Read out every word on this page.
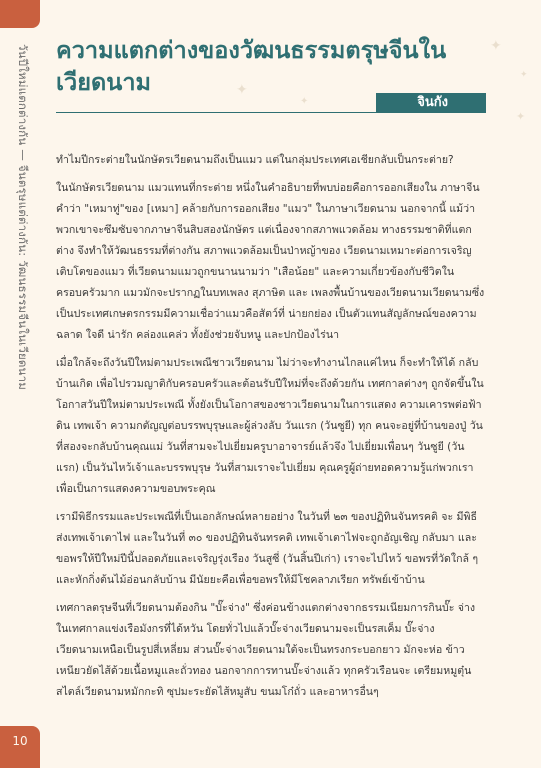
วันปีใหม่แตกต่างกัน — จีนตรุษแต่ต่างกัน: วัฒนธรรมจีนในเวียดนาม
10
✦
✦
✦
✦
✦
ความแตกต่างของวัฒนธรรมตรุษจีนในเวียดนาม
จินกัง

ทำไมปีกระต่ายในนักษัตรเวียดนามถึงเป็นแมว แต่ในกลุ่มประเทศเอเชียกลับเป็นกระต่าย?

ในนักษัตรเวียดนาม แมวแทนที่กระต่าย หนึ่งในคำอธิบายที่พบบ่อยคือการออกเสียงใน ภาษาจีนคำว่า "เหมาทู่"ของ [เหมา] คล้ายกับการออกเสียง "แมว" ในภาษาเวียดนาม นอกจากนี้ แม้ว่าพวกเขาจะซึมซับจากภาษาจีนสิบสองนักษัตร แต่เนื่องจากสภาพแวดล้อม ทางธรรมชาติที่แตกต่าง จึงทำให้วัฒนธรรมที่ต่างกัน สภาพแวดล้อมเป็นป่าหญ้าของ เวียดนามเหมาะต่อการเจริญเติบโตของแมว ที่เวียดนามแมวถูกขนานนามว่า "เสือน้อย" และความเกี่ยวข้องกับชีวิตในครอบครัวมาก แมวมักจะปรากฏในบทเพลง สุภาษิต และ เพลงพื้นบ้านของเวียดนามเวียดนามซึ่งเป็นประเทศเกษตรกรรมมีความเชื่อว่าแมวคือสัตว์ที่ น่ายกย่อง เป็นตัวแทนสัญลักษณ์ของความฉลาด ใจดี น่ารัก คล่องแคล่ว ทั้งยังช่วยจับหนู และปกป้องไร่นา

เมื่อใกล้จะถึงวันปีใหม่ตามประเพณีชาวเวียดนาม ไม่ว่าจะทำงานไกลแค่ไหน ก็จะทำให้ได้ กลับบ้านเกิด เพื่อไปรวมญาติกับครอบครัวและต้อนรับปีใหม่ที่จะถึงด้วยกัน เทศกาลต่างๆ ถูกจัดขึ้นในโอกาสวันปีใหม่ตามประเพณี ทั้งยังเป็นโอกาสของชาวเวียดนามในการแสดง ความเคารพต่อฟ้าดิน เทพเจ้า ความกตัญญูต่อบรรพบุรุษและผู้ล่วงลับ วันแรก (วันซูยี) ทุก คนจะอยู่ที่บ้านของปู่ วันที่สองจะกลับบ้านคุณแม่ วันที่สามจะไปเยี่ยมครูบาอาจารย์แล้วจึง ไปเยี่ยมเพื่อนๆ วันซูยี (วันแรก) เป็นวันไหว้เจ้าและบรรพบุรุษ วันที่สามเราจะไปเยี่ยม คุณครูผู้ถ่ายทอดความรู้แก่พวกเราเพื่อเป็นการแสดงความขอบพระคุณ

เรามีพิธีกรรมและประเพณีที่เป็นเอกลักษณ์หลายอย่าง ในวันที่ ๒๓ ของปฏิทินจันทรคติ จะ มีพิธีส่งเทพเจ้าเตาไฟ และในวันที่ ๓๐ ของปฏิทินจันทรคติ เทพเจ้าเตาไฟจะถูกอัญเชิญ กลับมา และขอพรให้ปีใหม่ปีนี้ปลอดภัยและเจริญรุ่งเรือง วันสูซี่ (วันสิ้นปีเก่า) เราจะไปไหว้ ขอพรที่วัดใกล้ ๆ และหักกิ่งต้นไม้อ่อนกลับบ้าน มีนัยยะคือเพื่อขอพรให้มีโชคลาภเรียก ทรัพย์เข้าบ้าน

เทศกาลตรุษจีนที่เวียดนามต้องกิน "บั๊ะจ่าง" ซึ่งค่อนข้างแตกต่างจากธรรมเนียมการกินบั๊ะ จ่างในเทศกาลแข่งเรือมังกรที่ได้หวัน โดยทั่วไปแล้วบั๊ะจ่างเวียดนามจะเป็นรสเค็ม บั๊ะจ่าง เวียดนามเหนือเป็นรูปสี่เหลี่ยม ส่วนบั๊ะจ่างเวียดนามใต้จะเป็นทรงกระบอกยาว มักจะห่อ ข้าวเหนียวยัดไส้ด้วยเนื้อหมูและถั่วทอง นอกจากการทานบั๊ะจ่างแล้ว ทุกครัวเรือนจะ เตรียมหมูตุ๋นสไตล์เวียดนามหมักกะทิ ซุปมะระยัดไส้หมูสับ ขนมโก๋ถั่ว และอาหารอื่นๆ
